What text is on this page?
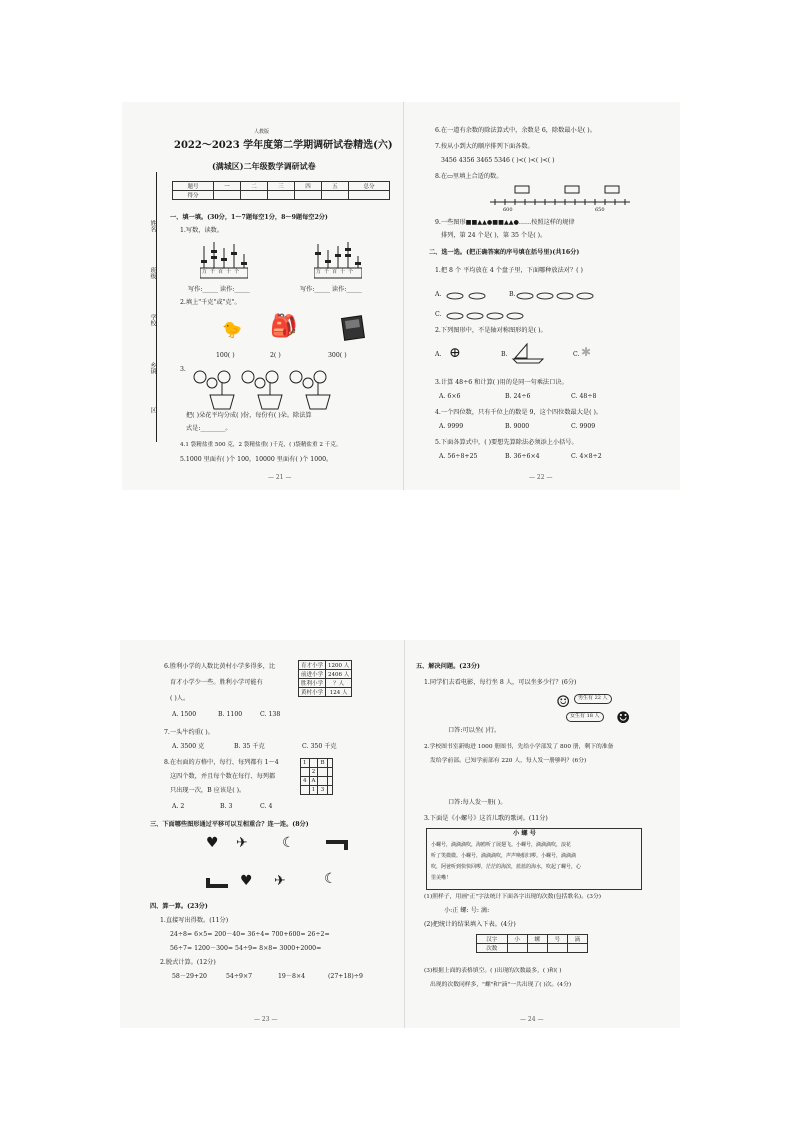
姓名
班级
学校
乡镇
区
人教版
2022～2023 学年度第二学期调研试卷精选(六)
(满城区)二年级数学调研试卷
题号	一	二	三	四	五	总分
得分						
一、填一填。(30分，1～7题每空1分，8～9题每空2分)
1.写数，读数。
万千百十个	万千百十个
写作:_____ 读作:_____	写作:_____ 读作:_____
2.填上"千克"或"克"。
🐤 🎒
100( )	2( )	300( )
3.
把( )朵花平均分成( )份，每份有( )朵。除法算
式是:________。
4.1 袋精盐重 500 克，2 袋精盐重( )千克，( )袋精盐重 2 千克。
5.1000 里面有( )个 100，10000 里面有( )个 1000。
— 21 —
6.在一道有余数的除法算式中，余数是 6，除数最小是( )。
7.按从小到大的顺序排列下面各数。
3456 4356 3465 5346 ( )<( )<( )<( )
8.在▭里填上合适的数。
600	650
9.一些图形■■▲▲●■■▲▲●……按照这样的规律
排列，第 24 个是( )，第 35 个是( )。
二、选一选。(把正确答案的序号填在括号里)(共16分)
1.把 8 个 平均放在 4 个盘子里，下面哪种放法对？( )
A.	B.
C.
2.下列图形中，不是轴对称图形的是( )。
A. ⊕	B.	C. ✱
3.计算 48÷6 和计算( )用的是同一句乘法口诀。
A. 6×6	B. 24÷6	C. 48÷8
4.一个四位数，只有千位上的数是 9，这个四位数最大是( )。
A. 9999	B. 9000	C. 9909
5.下面各算式中，( )要想先算除法必须添上小括号。
A. 56÷8+25	B. 36÷6×4	C. 4×8÷2
— 22 —
6.胜利小学的人数比黄村小学多得多，比
育才小学少一些。胜利小学可能有
( )人。
A. 1500	B. 1100	C. 138
育才小学	1200 人
前进小学	2406 人
胜利小学	？人
黄村小学	124 人
7.一头牛约重( )。
A. 3500 克	B. 35 千克	C. 350 千克
8.在右面的方格中，每行、每列都有 1～4
这四个数，并且每个数在每行、每列都
只出现一次，B 应该是( )。
A. 2	B. 3	C. 4
1		B	
	2		
4	A		
	1	3	
三、下面哪些图形通过平移可以互相重合？连一连。(8分)
♥ ✈ ☾
♥ ✈	☾
四、算一算。(23分)
1.直接写出得数。(11分)
24÷8= 6×5= 200－40= 36÷4= 700+600= 26÷2=
56÷7= 1200－300= 54÷9= 8×8= 3000+2000=
2.脱式计算。(12分)
58－29+20	54÷9×7	19－8×4	(27+18)÷9
— 23 —
五、解决问题。(23分)
1.同学们去看电影，每行坐 8 人，可以坐多少行？(6分)
☺	男生有 22 人
女生有 18 人 ☻
口答:可以坐( )行。
2.学校图书室新购进 1000 册图书，先给小学部发了 800 册，剩下的准备
发给学前部。已知学前部有 220 人，每人发一册够吗？(6分)
口答:每人发一册( )。
3.下面是《小螺号》这首儿歌的歌词。(11分)
小 螺 号
小螺号，滴滴滴吹，海鸥听了展翅飞。小螺号，滴滴滴吹，浪花
听了笑微微。小螺号，滴滴滴吹，声声唤船归啰。小螺号，滴滴滴
吹，阿爸听到快快回啰，茫茫的海滨，蓝蓝的海水，吹起了螺号，心
里美嘞！
(1)照样子，用画"正"字法统计下面各字出现的次数(包括歌名)。(3分)
小:正 螺: 号: 滴:
(2)把统计的结果填入下表。(4分)
汉字	小	螺	号	滴
次数				
(3)根据上面的表格填空。( )出现的次数最多，( )和( )
出现的次数同样多，"螺"和"滴"一共出现了( )次。(4分)
— 24 —
